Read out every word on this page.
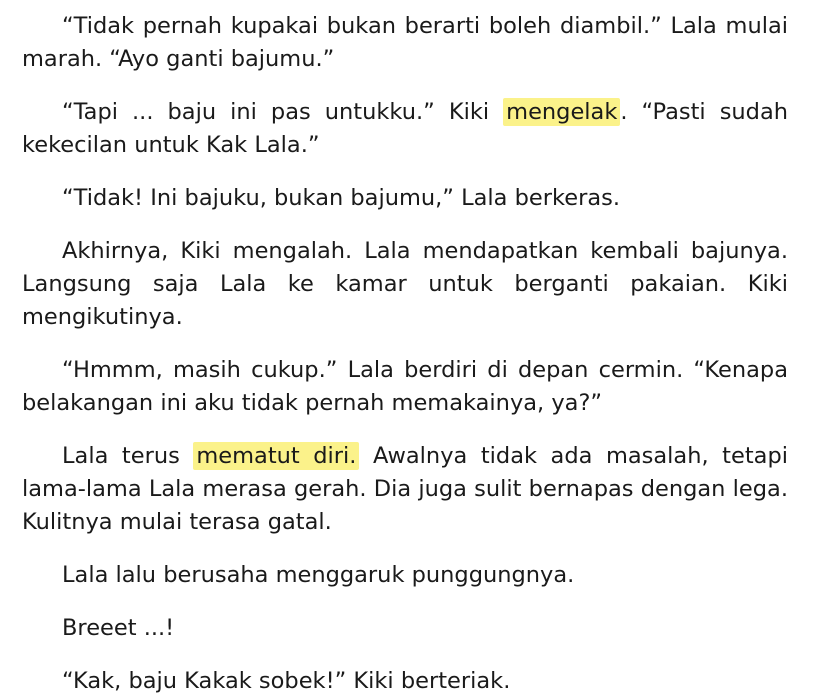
“Tidak pernah kupakai bukan berarti boleh diambil.” Lala mulai marah. “Ayo ganti bajumu.”

“Tapi ... baju ini pas untukku.” Kiki mengelak . “Pasti sudah kekecilan untuk Kak Lala.”

“Tidak! Ini bajuku, bukan bajumu,” Lala berkeras.

Akhirnya, Kiki mengalah. Lala mendapatkan kembali bajunya. Langsung saja Lala ke kamar untuk berganti pakaian. Kiki mengikutinya.

“Hmmm, masih cukup.” Lala berdiri di depan cermin. “Kenapa belakangan ini aku tidak pernah memakainya, ya?”

Lala terus mematut diri. Awalnya tidak ada masalah, tetapi lama-lama Lala merasa gerah. Dia juga sulit bernapas dengan lega. Kulitnya mulai terasa gatal.

Lala lalu berusaha menggaruk punggungnya.

Breeet ...!

“Kak, baju Kakak sobek!” Kiki berteriak.
